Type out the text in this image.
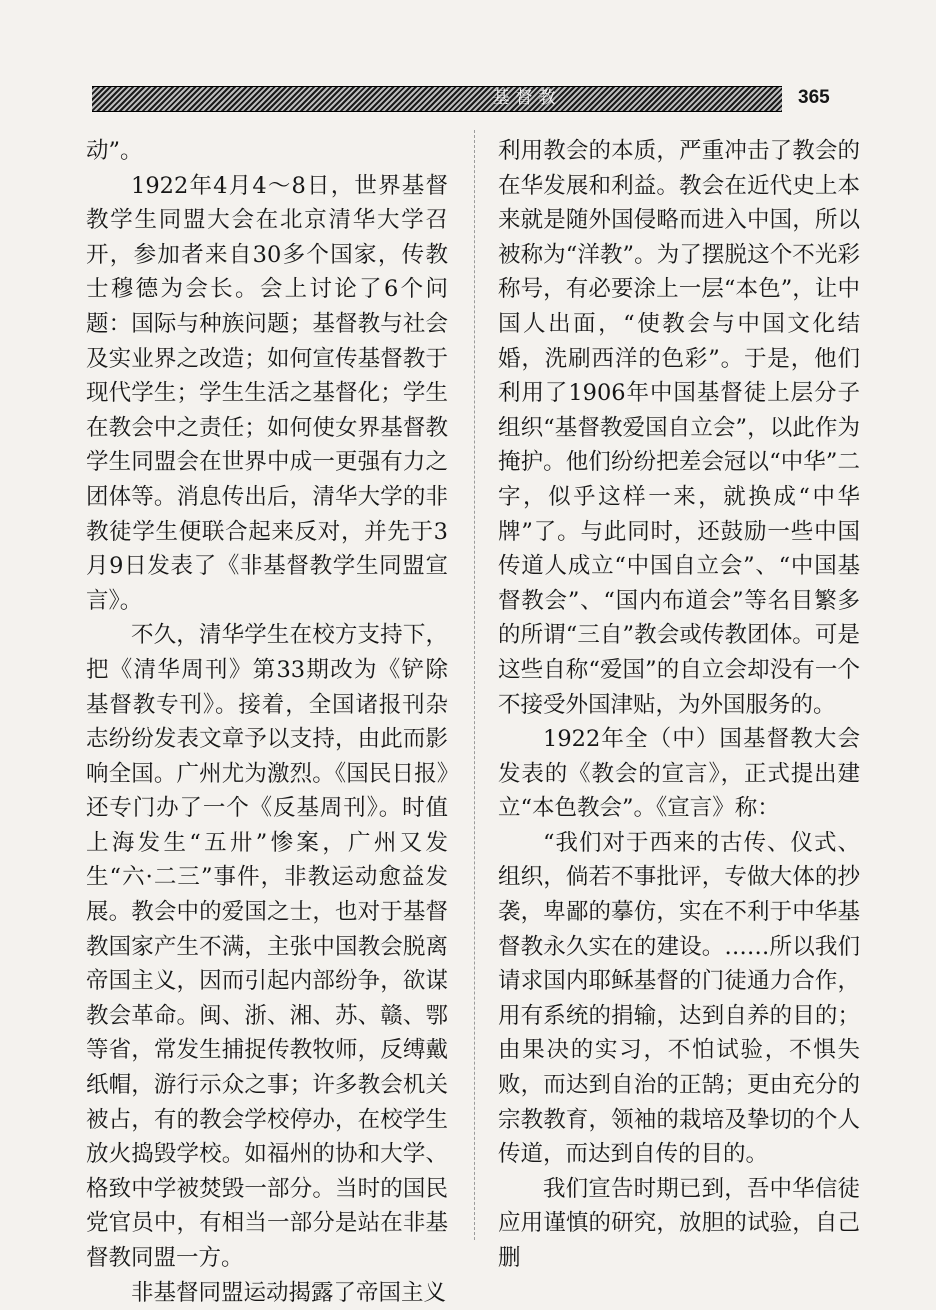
基督教	365

动”。

1922年4月4～8日，世界基督教学生同盟大会在北京清华大学召开，参加者来自30多个国家，传教士穆德为会长。会上讨论了6个问题：国际与种族问题；基督教与社会及实业界之改造；如何宣传基督教于现代学生；学生生活之基督化；学生在教会中之责任；如何使女界基督教学生同盟会在世界中成一更强有力之团体等。消息传出后，清华大学的非教徒学生便联合起来反对，并先于3月9日发表了《非基督教学生同盟宣言》。

不久，清华学生在校方支持下，把《清华周刊》第33期改为《铲除基督教专刊》。接着，全国诸报刊杂志纷纷发表文章予以支持，由此而影响全国。广州尤为激烈。《国民日报》还专门办了一个《反基周刊》。时值上海发生“五卅”惨案，广州又发生“六·二三”事件，非教运动愈益发展。教会中的爱国之士，也对于基督教国家产生不满，主张中国教会脱离帝国主义，因而引起内部纷争，欲谋教会革命。闽、浙、湘、苏、赣、鄂等省，常发生捕捉传教牧师，反缚戴纸帽，游行示众之事；许多教会机关被占，有的教会学校停办，在校学生放火捣毁学校。如福州的协和大学、格致中学被焚毁一部分。当时的国民党官员中，有相当一部分是站在非基督教同盟一方。

非基督同盟运动揭露了帝国主义

利用教会的本质，严重冲击了教会的在华发展和利益。教会在近代史上本来就是随外国侵略而进入中国，所以被称为“洋教”。为了摆脱这个不光彩称号，有必要涂上一层“本色”，让中国人出面，“使教会与中国文化结婚，洗刷西洋的色彩”。于是，他们利用了1906年中国基督徒上层分子组织“基督教爱国自立会”，以此作为掩护。他们纷纷把差会冠以“中华”二字，似乎这样一来，就换成“中华牌”了。与此同时，还鼓励一些中国传道人成立“中国自立会”、“中国基督教会”、“国内布道会”等名目繁多的所谓“三自”教会或传教团体。可是这些自称“爱国”的自立会却没有一个不接受外国津贴，为外国服务的。

1922年全（中）国基督教大会发表的《教会的宣言》，正式提出建立“本色教会”。《宣言》称：

“我们对于西来的古传、仪式、组织，倘若不事批评，专做大体的抄袭，卑鄙的摹仿，实在不利于中华基督教永久实在的建设。……所以我们请求国内耶稣基督的门徒通力合作，用有系统的捐输，达到自养的目的；由果决的实习，不怕试验，不惧失败，而达到自治的正鹄；更由充分的宗教教育，领袖的栽培及挚切的个人传道，而达到自传的目的。

我们宣告时期已到，吾中华信徒应用谨慎的研究，放胆的试验，自己删
